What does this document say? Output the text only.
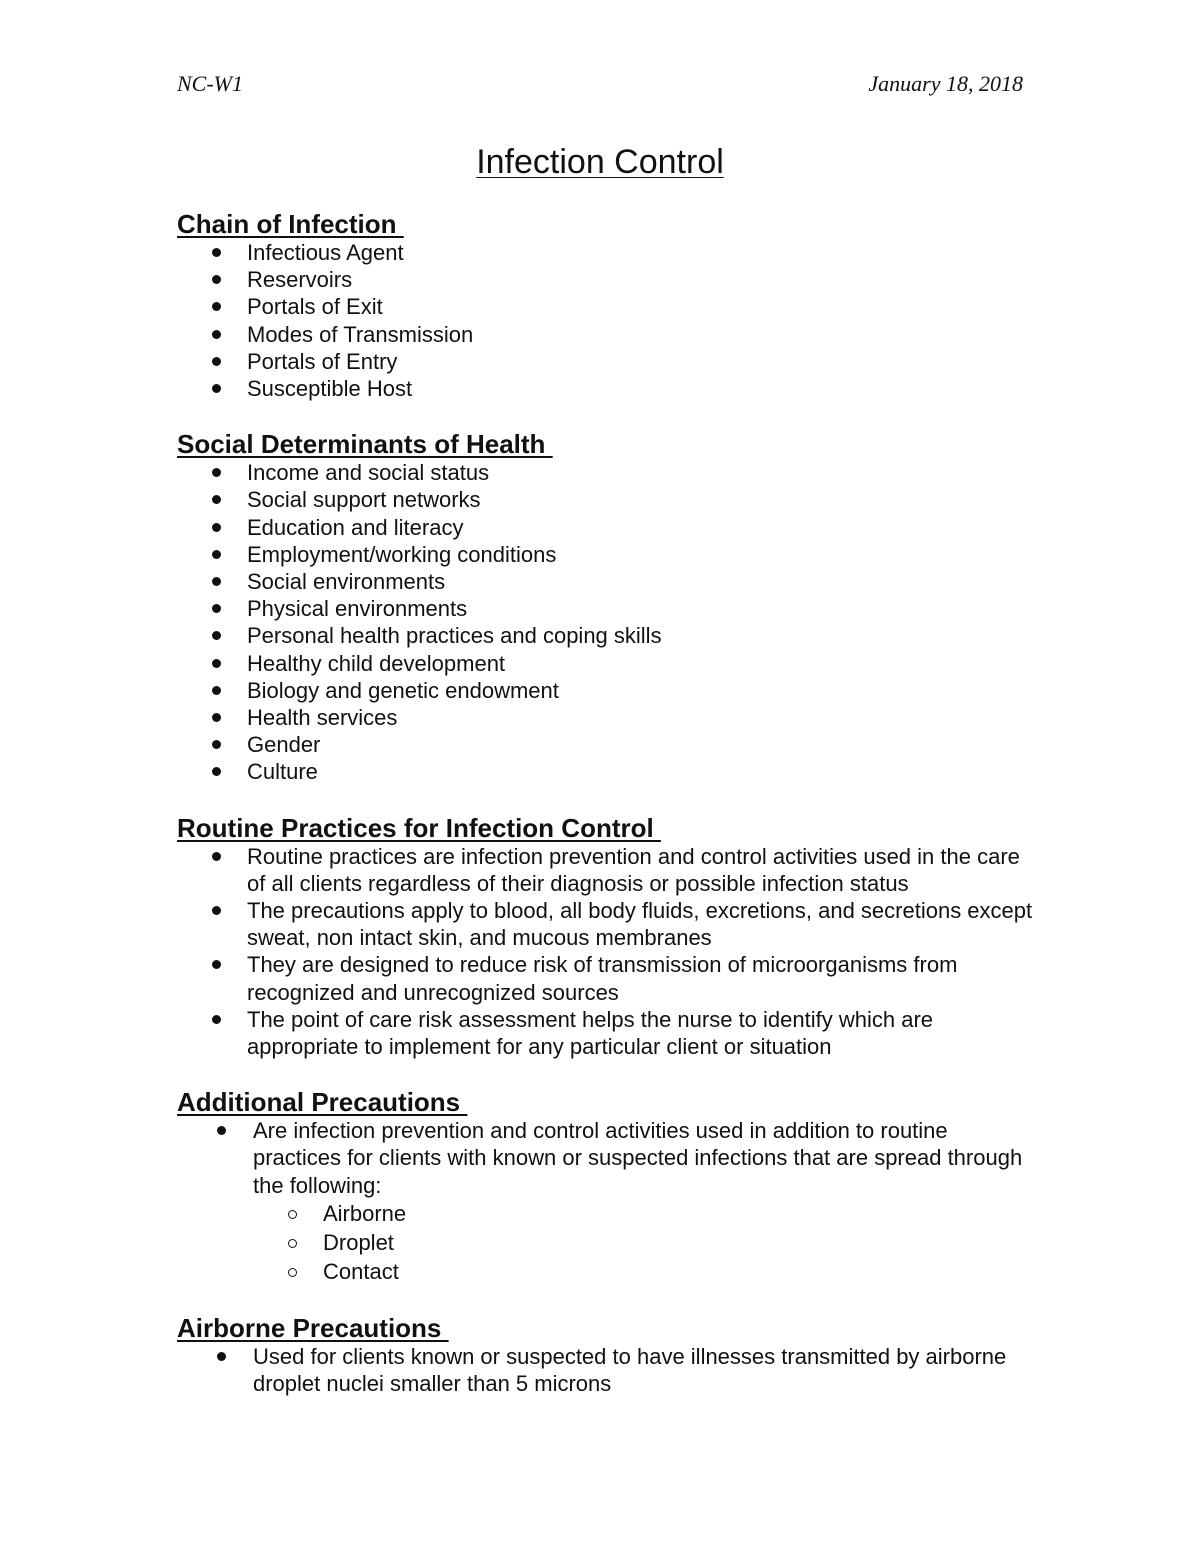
NC-W1	January 18, 2018
Infection Control
Chain of Infection
Infectious Agent
Reservoirs
Portals of Exit
Modes of Transmission
Portals of Entry
Susceptible Host
Social Determinants of Health
Income and social status
Social support networks
Education and literacy
Employment/working conditions
Social environments
Physical environments
Personal health practices and coping skills
Healthy child development
Biology and genetic endowment
Health services
Gender
Culture
Routine Practices for Infection Control
Routine practices are infection prevention and control activities used in the care of all clients regardless of their diagnosis or possible infection status
The precautions apply to blood, all body fluids, excretions, and secretions except sweat, non intact skin, and mucous membranes
They are designed to reduce risk of transmission of microorganisms from recognized and unrecognized sources
The point of care risk assessment helps the nurse to identify which are appropriate to implement for any particular client or situation
Additional Precautions
Are infection prevention and control activities used in addition to routine practices for clients with known or suspected infections that are spread through the following:
Airborne
Droplet
Contact
Airborne Precautions
Used for clients known or suspected to have illnesses transmitted by airborne droplet nuclei smaller than 5 microns
